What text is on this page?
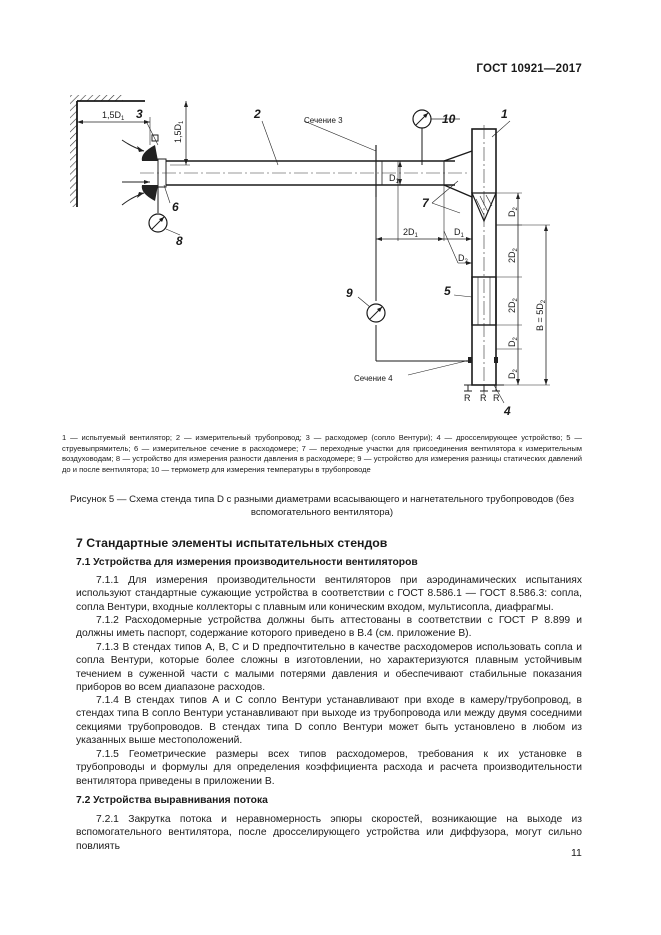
ГОСТ 10921—2017
$1,5D_1$
$1,5D_1$
$D_1$
$D_2$
$2D_2$
$2D_2$
$D_2$
$D_2$
$B = 5D_2$
$2D_1$	$D_1$
$D_2$
R R R
1
2
3
4
5
6	7
8
9
10
Сечение 3
Сечение 4
1 — испытуемый вентилятор; 2 — измерительный трубопровод; 3 — расходомер (сопло Вентури); 4 — дросселирующее устройство; 5 — струевыпрямитель; 6 — измерительное сечение в расходомере; 7 — переходные участки для присоединения вентилятора к измерительным воздуховодам; 8 — устройство для измерения разности давления в расходомере; 9 — устройство для измерения разницы статических давлений до и после вентилятора; 10 — термометр для измерения температуры в трубопроводе
Рисунок 5 — Схема стенда типа D с разными диаметрами всасывающего и нагнетательного трубопроводов (без вспомогательного вентилятора)
7 Стандартные элементы испытательных стендов
7.1 Устройства для измерения производительности вентиляторов

7.1.1 Для измерения производительности вентиляторов при аэродинамических испытаниях используют стандартные сужающие устройства в соответствии с ГОСТ 8.586.1 — ГОСТ 8.586.3: сопла, сопла Вентури, входные коллекторы с плавным или коническим входом, мультисопла, диафрагмы.

7.1.2 Расходомерные устройства должны быть аттестованы в соответствии с ГОСТ Р 8.899 и должны иметь паспорт, содержание которого приведено в В.4 (см. приложение В).

7.1.3 В стендах типов А, В, С и D предпочтительно в качестве расходомеров использовать сопла и сопла Вентури, которые более сложны в изготовлении, но характеризуются плавным устойчивым течением в суженной части с малыми потерями давления и обеспечивают стабильные показания приборов во всем диапазоне расходов.

7.1.4 В стендах типов А и С сопло Вентури устанавливают при входе в камеру/трубопровод, в стендах типа В сопло Вентури устанавливают при выходе из трубопровода или между двумя соседними секциями трубопроводов. В стендах типа D сопло Вентури может быть установлено в любом из указанных выше местоположений.

7.1.5 Геометрические размеры всех типов расходомеров, требования к их установке в трубопроводы и формулы для определения коэффициента расхода и расчета производительности вентилятора приведены в приложении В.

7.2 Устройства выравнивания потока

7.2.1 Закрутка потока и неравномерность эпюры скоростей, возникающие на выходе из вспомогательного вентилятора, после дросселирующего устройства или диффузора, могут сильно повлиять

11
